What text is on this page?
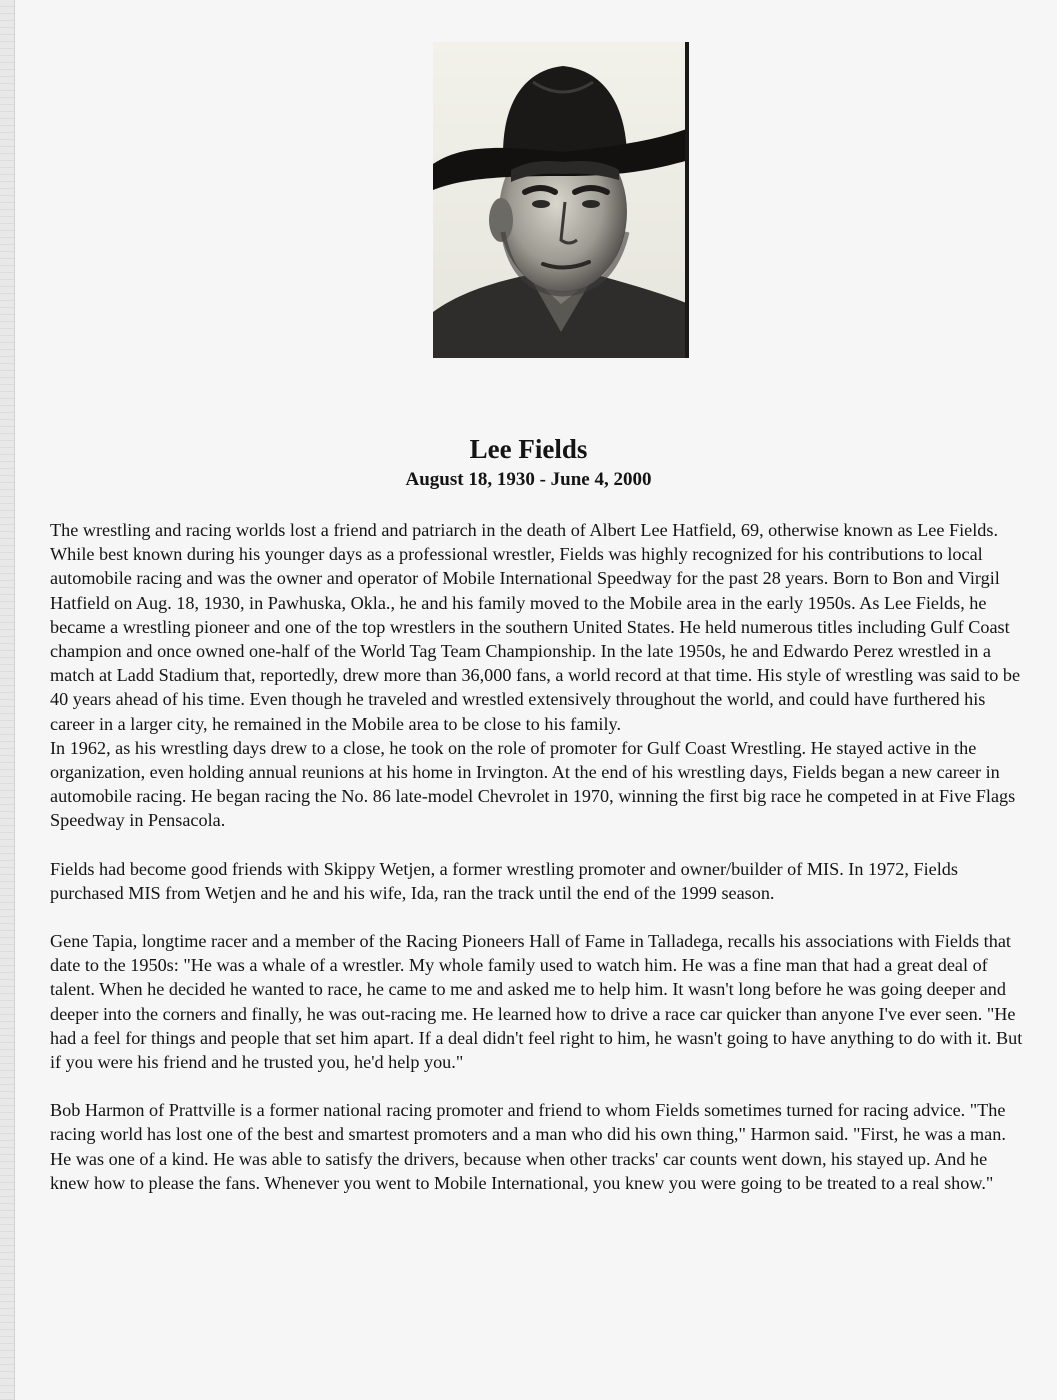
Lee Fields
August 18, 1930 - June 4, 2000

The wrestling and racing worlds lost a friend and patriarch in the death of Albert Lee Hatfield, 69, otherwise known as Lee Fields. While best known during his younger days as a professional wrestler, Fields was highly recognized for his contributions to local automobile racing and was the owner and operator of Mobile International Speedway for the past 28 years. Born to Bon and Virgil Hatfield on Aug. 18, 1930, in Pawhuska, Okla., he and his family moved to the Mobile area in the early 1950s. As Lee Fields, he became a wrestling pioneer and one of the top wrestlers in the southern United States. He held numerous titles including Gulf Coast champion and once owned one-half of the World Tag Team Championship. In the late 1950s, he and Edwardo Perez wrestled in a match at Ladd Stadium that, reportedly, drew more than 36,000 fans, a world record at that time. His style of wrestling was said to be 40 years ahead of his time. Even though he traveled and wrestled extensively throughout the world, and could have furthered his career in a larger city, he remained in the Mobile area to be close to his family.

In 1962, as his wrestling days drew to a close, he took on the role of promoter for Gulf Coast Wrestling. He stayed active in the organization, even holding annual reunions at his home in Irvington. At the end of his wrestling days, Fields began a new career in automobile racing. He began racing the No. 86 late-model Chevrolet in 1970, winning the first big race he competed in at Five Flags Speedway in Pensacola.

Fields had become good friends with Skippy Wetjen, a former wrestling promoter and owner/builder of MIS. In 1972, Fields purchased MIS from Wetjen and he and his wife, Ida, ran the track until the end of the 1999 season.

Gene Tapia, longtime racer and a member of the Racing Pioneers Hall of Fame in Talladega, recalls his associations with Fields that date to the 1950s: "He was a whale of a wrestler. My whole family used to watch him. He was a fine man that had a great deal of talent. When he decided he wanted to race, he came to me and asked me to help him. It wasn't long before he was going deeper and deeper into the corners and finally, he was out-racing me. He learned how to drive a race car quicker than anyone I've ever seen. "He had a feel for things and people that set him apart. If a deal didn't feel right to him, he wasn't going to have anything to do with it. But if you were his friend and he trusted you, he'd help you."

Bob Harmon of Prattville is a former national racing promoter and friend to whom Fields sometimes turned for racing advice. "The racing world has lost one of the best and smartest promoters and a man who did his own thing," Harmon said. "First, he was a man. He was one of a kind. He was able to satisfy the drivers, because when other tracks' car counts went down, his stayed up. And he knew how to please the fans. Whenever you went to Mobile International, you knew you were going to be treated to a real show."
